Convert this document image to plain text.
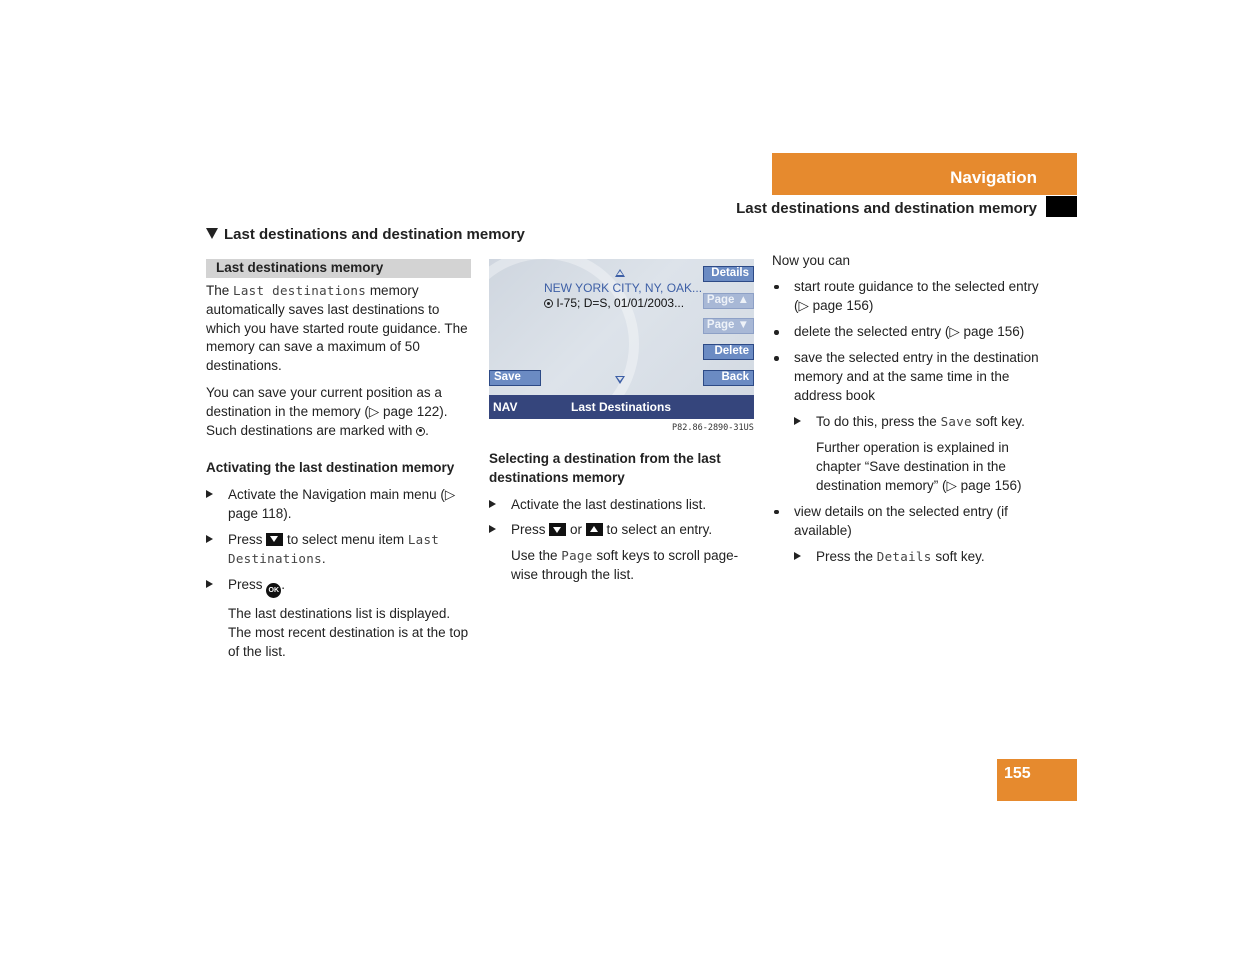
Navigation
Last destinations and destination memory
Last destinations and destination memory
Last destinations memory

The Last destinations memory automatically saves last destinations to which you have started route guidance. The memory can save a maximum of 50 destinations.

You can save your current position as a destination in the memory (▷ page 122). Such destinations are marked with .

Activating the last destination memory

Activate the Navigation main menu (▷ page 118).

Press  to select menu item Last Destinations.

Press OK .

The last destinations list is displayed. The most recent destination is at the top of the list.

NEW YORK CITY, NY, OAK...
I-75; D=S, 01/01/2003...
Details
Page ▲
Page ▼
Delete
Back
Save
NAV	Last Destinations
P82.86-2890-31US

Selecting a destination from the last destinations memory

Activate the last destinations list.

Press  or  to select an entry.

Use the Page soft keys to scroll page-wise through the list.

Now you can

start route guidance to the selected entry (▷ page 156)

delete the selected entry (▷ page 156)

save the selected entry in the destination memory and at the same time in the address book

To do this, press the Save soft key.

Further operation is explained in chapter “Save destination in the destination memory” (▷ page 156)

view details on the selected entry (if available)

Press the Details soft key.

155
